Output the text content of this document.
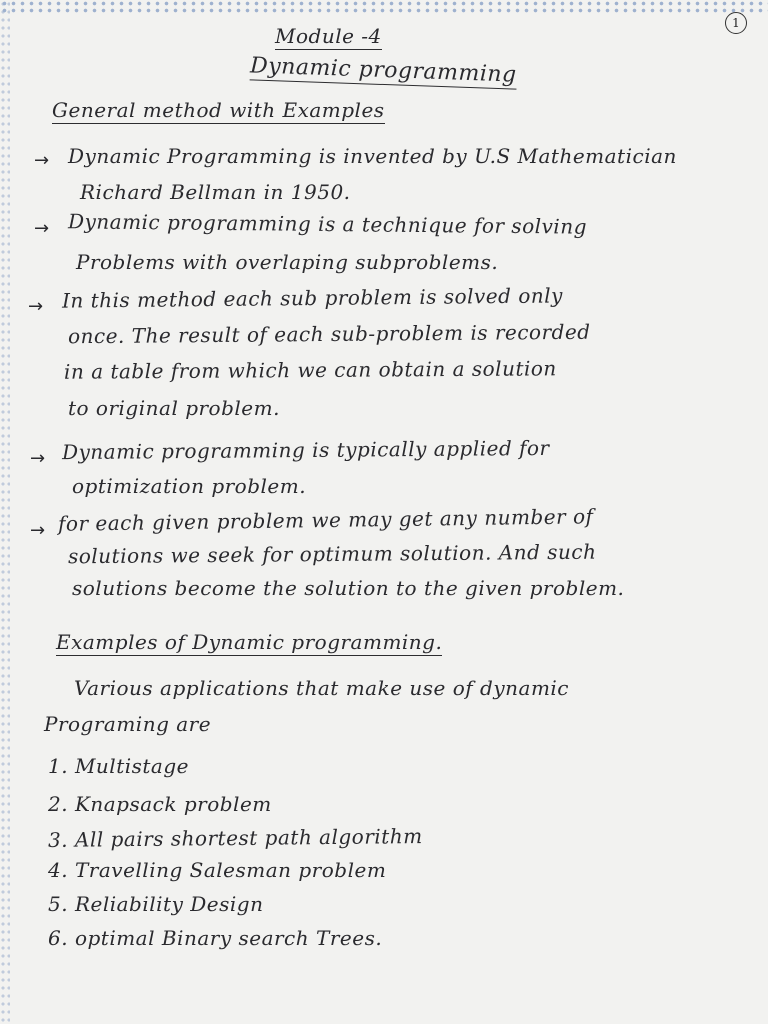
1
Module -4
Dynamic programming
General method with Examples
→ Dynamic Programming is invented by U.S Mathematician
Richard Bellman in 1950.
→ Dynamic programming is a technique for solving
Problems with overlaping subproblems.
→ In this method each sub problem is solved only
once. The result of each sub-problem is recorded
in a table from which we can obtain a solution
to original problem.
→ Dynamic programming is typically applied for
optimization problem.
→ for each given problem we may get any number of
solutions we seek for optimum solution. And such
solutions become the solution to the given problem.
Examples of Dynamic programming.
Various applications that make use of dynamic
Programing are
1. Multistage
2. Knapsack problem
3. All pairs shortest path algorithm
4. Travelling Salesman problem
5. Reliability Design
6. optimal Binary search Trees.
